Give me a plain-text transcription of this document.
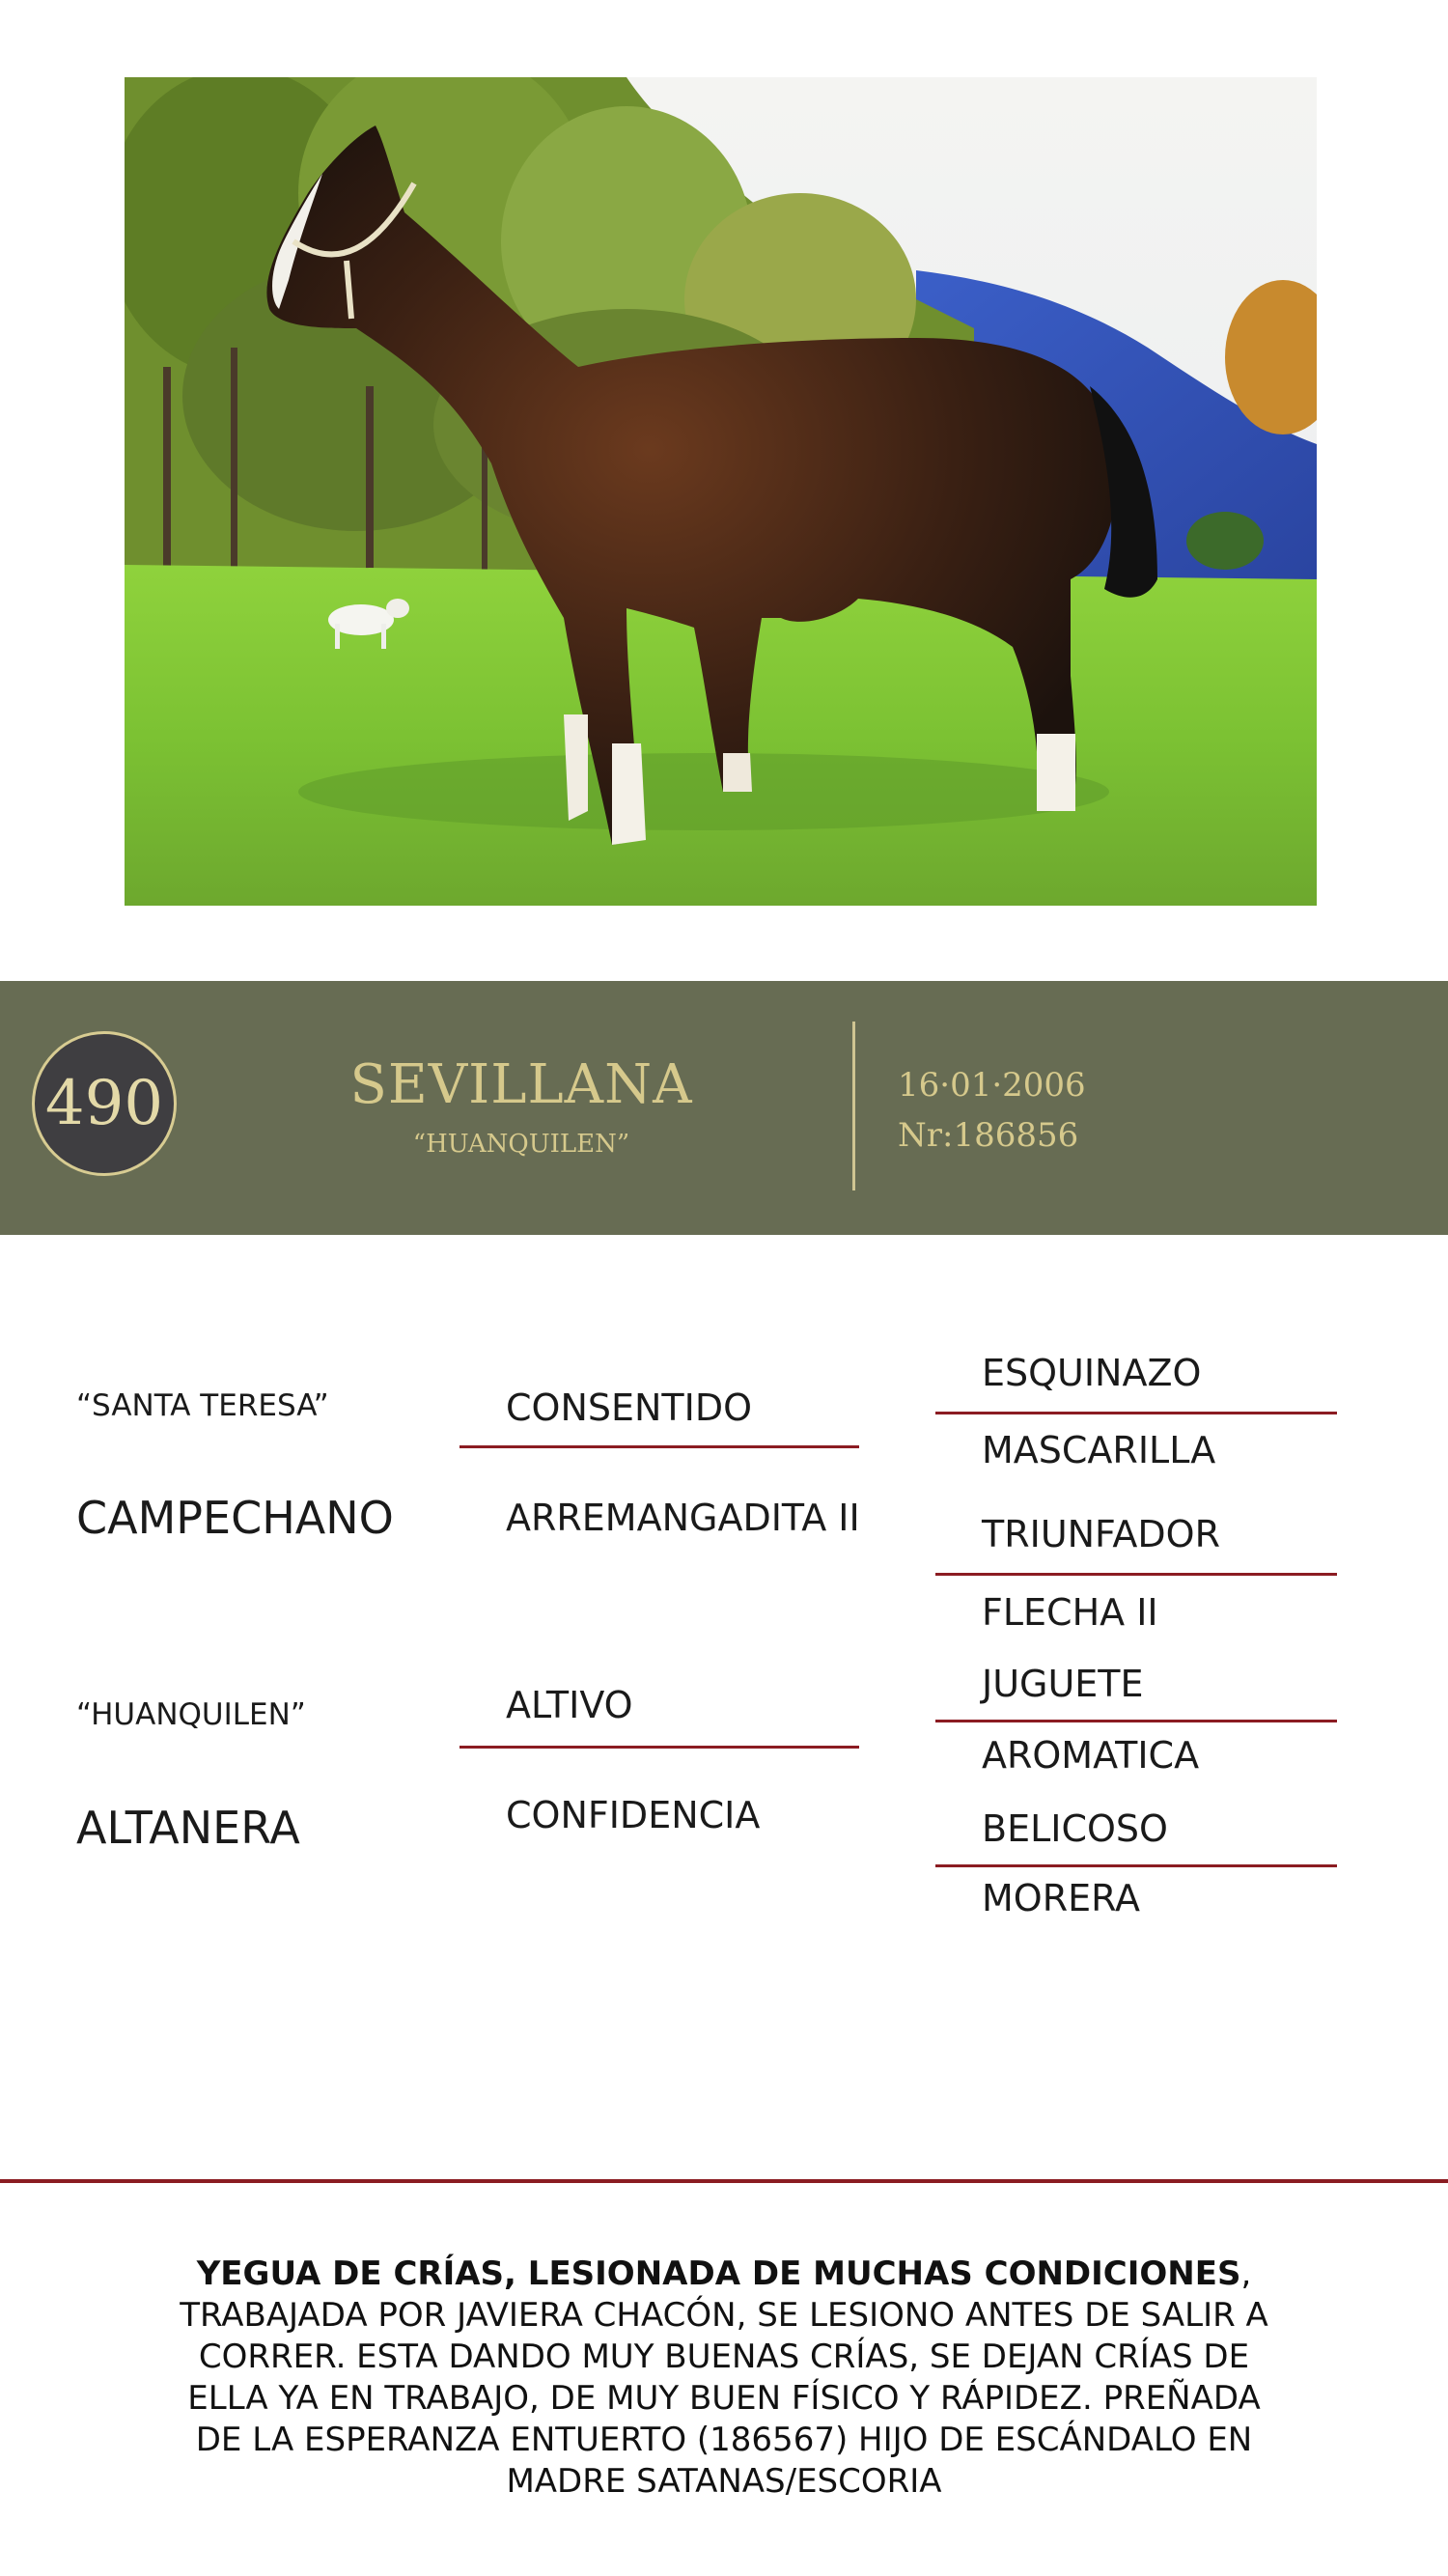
490	SEVILLANA
“HUANQUILEN”
16·01·2006
Nr:186856
“SANTA TERESA”
CAMPECHANO
“HUANQUILEN”
ALTANERA
CONSENTIDO
ARREMANGADITA II
ALTIVO
CONFIDENCIA
ESQUINAZO
MASCARILLA
TRIUNFADOR
FLECHA II
JUGUETE
AROMATICA
BELICOSO
MORERA
YEGUA DE CRÍAS, LESIONADA DE MUCHAS CONDICIONES, TRABAJADA POR JAVIERA CHACÓN, SE LESIONO ANTES DE SALIR A CORRER. ESTA DANDO MUY BUENAS CRÍAS, SE DEJAN CRÍAS DE ELLA YA EN TRABAJO, DE MUY BUEN FÍSICO Y RÁPIDEZ. PREÑADA DE LA ESPERANZA ENTUERTO (186567) HIJO DE ESCÁNDALO EN MADRE SATANAS/ESCORIA
